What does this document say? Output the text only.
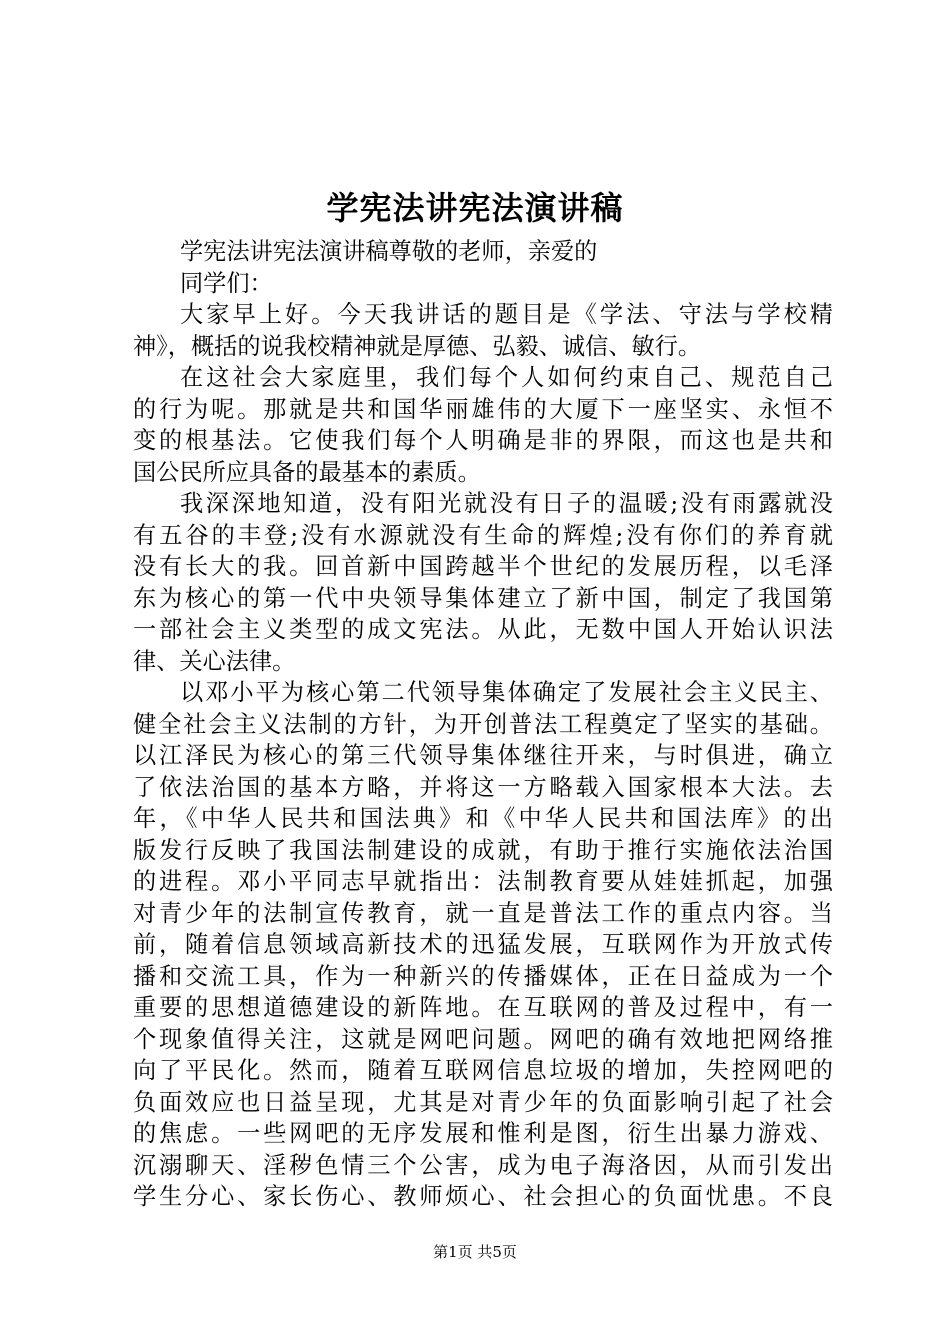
学宪法讲宪法演讲稿
学宪法讲宪法演讲稿尊敬的老师，亲爱的
同学们：
大家早上好。今天我讲话的题目是《学法、守法与学校精
神》，概括的说我校精神就是厚德、弘毅、诚信、敏行。
在这社会大家庭里，我们每个人如何约束自己、规范自己
的行为呢。那就是共和国华丽雄伟的大厦下一座坚实、永恒不
变的根基法。它使我们每个人明确是非的界限，而这也是共和
国公民所应具备的最基本的素质。
我深深地知道，没有阳光就没有日子的温暖;没有雨露就没
有五谷的丰登;没有水源就没有生命的辉煌;没有你们的养育就
没有长大的我。回首新中国跨越半个世纪的发展历程，以毛泽
东为核心的第一代中央领导集体建立了新中国，制定了我国第
一部社会主义类型的成文宪法。从此，无数中国人开始认识法
律、关心法律。
以邓小平为核心第二代领导集体确定了发展社会主义民主、
健全社会主义法制的方针，为开创普法工程奠定了坚实的基础。
以江泽民为核心的第三代领导集体继往开来，与时俱进，确立
了依法治国的基本方略，并将这一方略载入国家根本大法。去
年，《中华人民共和国法典》和《中华人民共和国法库》的出
版发行反映了我国法制建设的成就，有助于推行实施依法治国
的进程。邓小平同志早就指出：法制教育要从娃娃抓起，加强
对青少年的法制宣传教育，就一直是普法工作的重点内容。当
前，随着信息领域高新技术的迅猛发展，互联网作为开放式传
播和交流工具，作为一种新兴的传播媒体，正在日益成为一个
重要的思想道德建设的新阵地。在互联网的普及过程中，有一
个现象值得关注，这就是网吧问题。网吧的确有效地把网络推
向了平民化。然而，随着互联网信息垃圾的增加，失控网吧的
负面效应也日益呈现，尤其是对青少年的负面影响引起了社会
的焦虑。一些网吧的无序发展和惟利是图，衍生出暴力游戏、
沉溺聊天、淫秽色情三个公害，成为电子海洛因，从而引发出
学生分心、家长伤心、教师烦心、社会担心的负面忧患。不良
第1页 共5页
